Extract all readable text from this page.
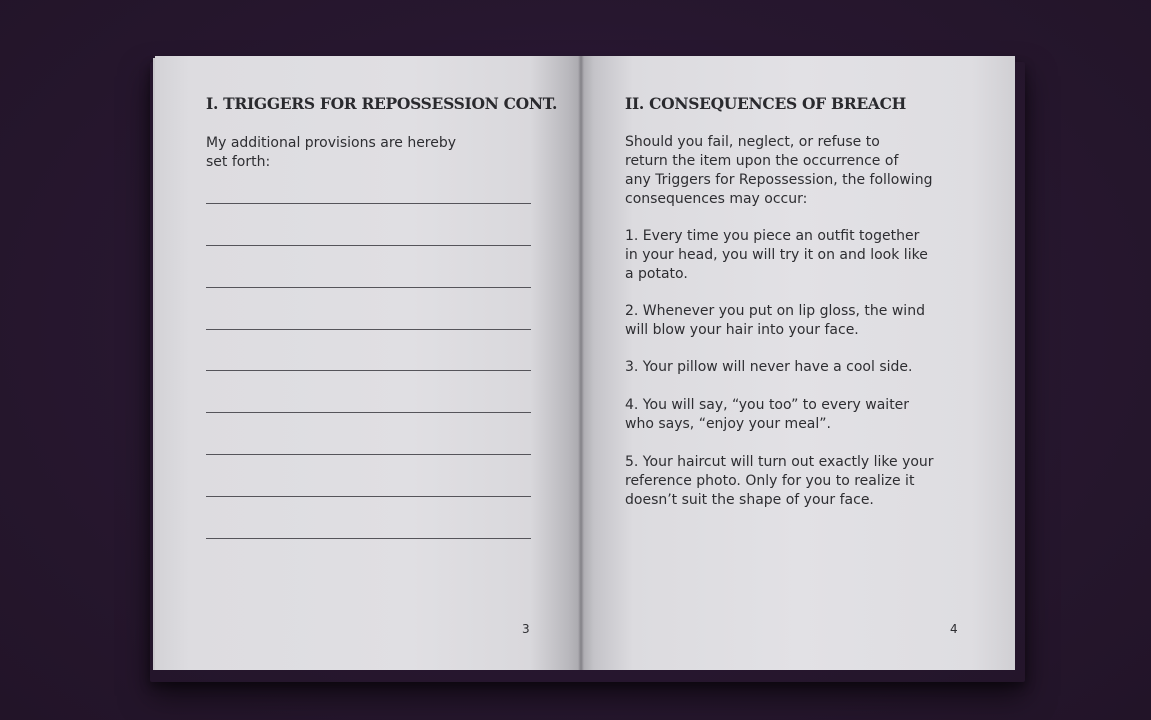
I. TRIGGERS FOR REPOSSESSION CONT.
My additional provisions are hereby
set forth:
3
II. CONSEQUENCES OF BREACH
Should you fail, neglect, or refuse to
return the item upon the occurrence of
any Triggers for Repossession, the following
consequences may occur:
1. Every time you piece an outfit together
in your head, you will try it on and look like
a potato.
2. Whenever you put on lip gloss, the wind
will blow your hair into your face.
3. Your pillow will never have a cool side.
4. You will say, “you too” to every waiter
who says, “enjoy your meal”.
5. Your haircut will turn out exactly like your
reference photo. Only for you to realize it
doesn’t suit the shape of your face.
4
